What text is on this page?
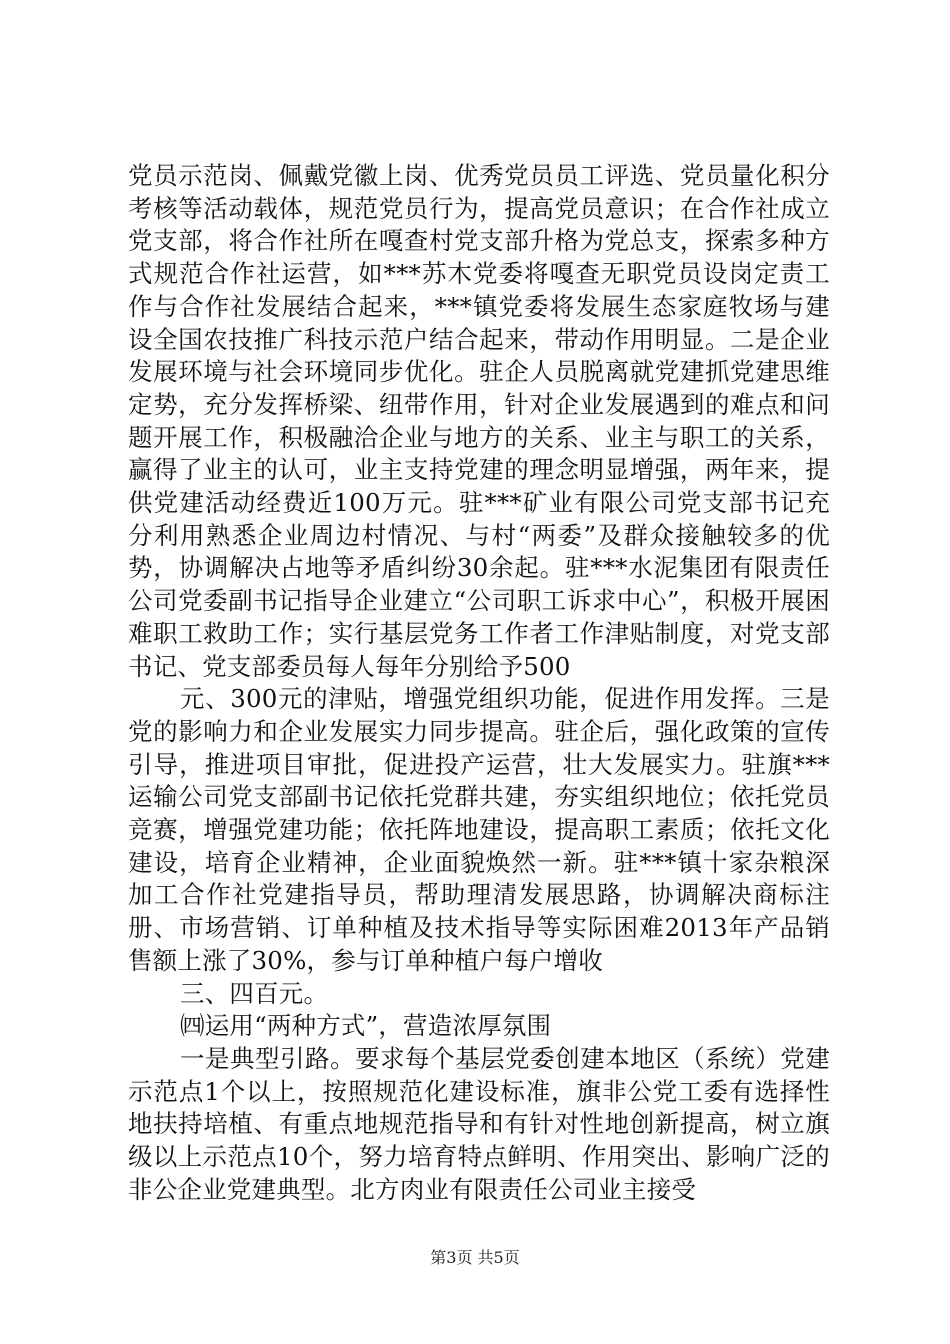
党员示范岗、佩戴党徽上岗、优秀党员员工评选、党员量化积分考核等活动载体，规范党员行为，提高党员意识；在合作社成立党支部，将合作社所在嘎查村党支部升格为党总支，探索多种方式规范合作社运营，如***苏木党委将嘎查无职党员设岗定责工作与合作社发展结合起来，***镇党委将发展生态家庭牧场与建设全国农技推广科技示范户结合起来，带动作用明显。二是企业发展环境与社会环境同步优化。驻企人员脱离就党建抓党建思维定势，充分发挥桥梁、纽带作用，针对企业发展遇到的难点和问题开展工作，积极融洽企业与地方的关系、业主与职工的关系，赢得了业主的认可，业主支持党建的理念明显增强，两年来，提供党建活动经费近100万元。驻***矿业有限公司党支部书记充分利用熟悉企业周边村情况、与村“两委”及群众接触较多的优势，协调解决占地等矛盾纠纷30余起。驻***水泥集团有限责任公司党委副书记指导企业建立“公司职工诉求中心”，积极开展困难职工救助工作；实行基层党务工作者工作津贴制度，对党支部书记、党支部委员每人每年分别给予500

元、300元的津贴，增强党组织功能，促进作用发挥。三是党的影响力和企业发展实力同步提高。驻企后，强化政策的宣传引导，推进项目审批，促进投产运营，壮大发展实力。驻旗***运输公司党支部副书记依托党群共建，夯实组织地位；依托党员竞赛，增强党建功能；依托阵地建设，提高职工素质；依托文化建设，培育企业精神，企业面貌焕然一新。驻***镇十家杂粮深加工合作社党建指导员，帮助理清发展思路，协调解决商标注册、市场营销、订单种植及技术指导等实际困难2013年产品销售额上涨了30%，参与订单种植户每户增收

三、四百元。

㈣运用“两种方式”，营造浓厚氛围

一是典型引路。要求每个基层党委创建本地区（系统）党建示范点1个以上，按照规范化建设标准，旗非公党工委有选择性地扶持培植、有重点地规范指导和有针对性地创新提高，树立旗级以上示范点10个，努力培育特点鲜明、作用突出、影响广泛的非公企业党建典型。北方肉业有限责任公司业主接受

第3页 共5页
